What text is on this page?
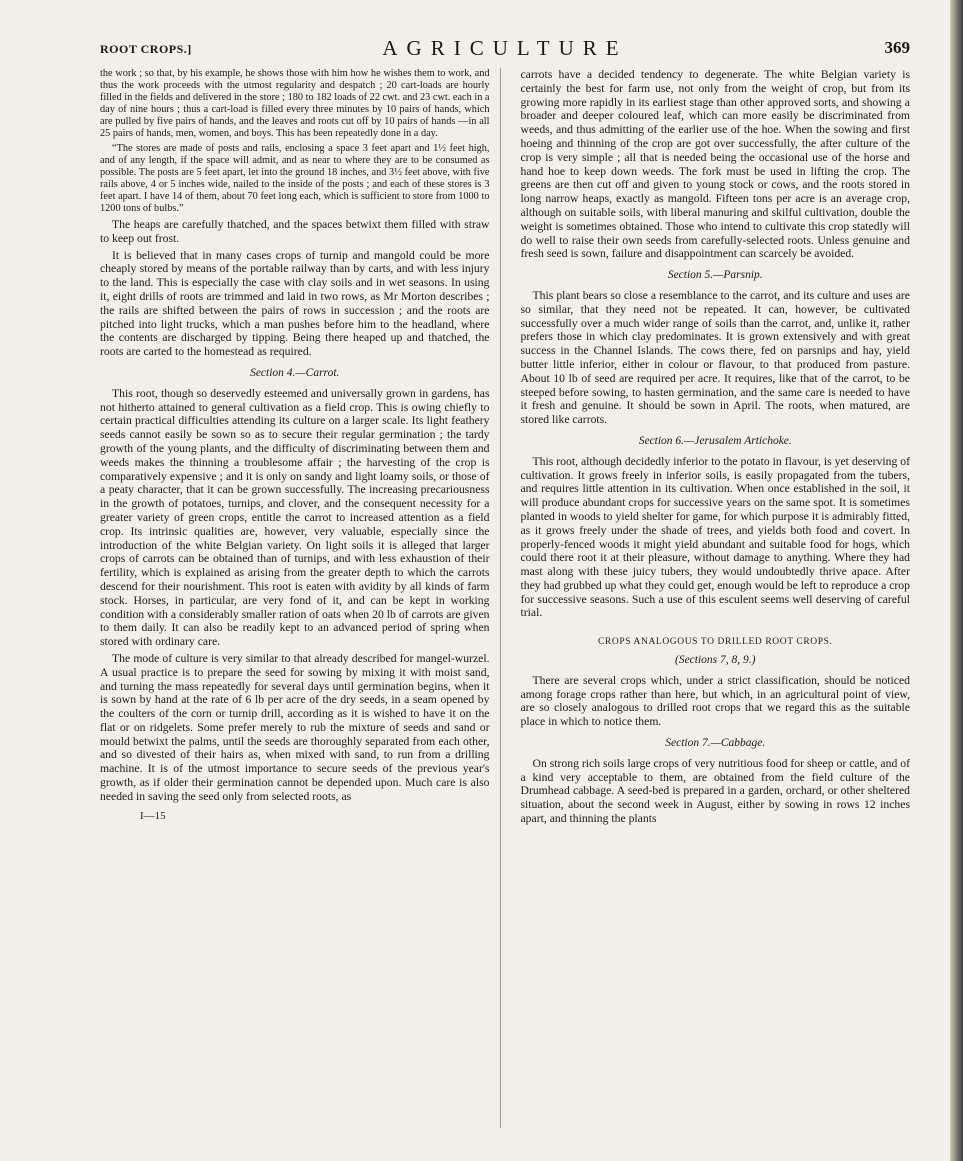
ROOT CROPS.]	AGRICULTURE	369

the work ; so that, by his example, he shows those with him how he wishes them to work, and thus the work proceeds with the utmost regularity and despatch ; 20 cart-loads are hourly filled in the fields and delivered in the store ; 180 to 182 loads of 22 cwt. and 23 cwt. each in a day of nine hours ; thus a cart-load is filled every three minutes by 10 pairs of hands, which are pulled by five pairs of hands, and the leaves and roots cut off by 10 pairs of hands —in all 25 pairs of hands, men, women, and boys. This has been repeatedly done in a day.

“The stores are made of posts and rails, enclosing a space 3 feet apart and 1½ feet high, and of any length, if the space will admit, and as near to where they are to be consumed as possible. The posts are 5 feet apart, let into the ground 18 inches, and 3½ feet above, with five rails above, 4 or 5 inches wide, nailed to the inside of the posts ; and each of these stores is 3 feet apart. I have 14 of them, about 70 feet long each, which is sufficient to store from 1000 to 1200 tons of bulbs.”

The heaps are carefully thatched, and the spaces betwixt them filled with straw to keep out frost.

It is believed that in many cases crops of turnip and mangold could be more cheaply stored by means of the portable railway than by carts, and with less injury to the land. This is especially the case with clay soils and in wet seasons. In using it, eight drills of roots are trimmed and laid in two rows, as Mr Morton describes ; the rails are shifted between the pairs of rows in succession ; and the roots are pitched into light trucks, which a man pushes before him to the headland, where the contents are discharged by tipping. Being there heaped up and thatched, the roots are carted to the homestead as required.

Section 4.—Carrot.

This root, though so deservedly esteemed and universally grown in gardens, has not hitherto attained to general cultivation as a field crop. This is owing chiefly to certain practical difficulties attending its culture on a larger scale. Its light feathery seeds cannot easily be sown so as to secure their regular germination ; the tardy growth of the young plants, and the difficulty of discriminating between them and weeds makes the thinning a troublesome affair ; the harvesting of the crop is comparatively expensive ; and it is only on sandy and light loamy soils, or those of a peaty character, that it can be grown successfully. The increasing precariousness in the growth of potatoes, turnips, and clover, and the consequent necessity for a greater variety of green crops, entitle the carrot to increased attention as a field crop. Its intrinsic qualities are, however, very valuable, especially since the introduction of the white Belgian variety. On light soils it is alleged that larger crops of carrots can be obtained than of turnips, and with less exhaustion of their fertility, which is explained as arising from the greater depth to which the carrots descend for their nourishment. This root is eaten with avidity by all kinds of farm stock. Horses, in particular, are very fond of it, and can be kept in working condition with a considerably smaller ration of oats when 20 lb of carrots are given to them daily. It can also be readily kept to an advanced period of spring when stored with ordinary care.

The mode of culture is very similar to that already described for mangel-wurzel. A usual practice is to prepare the seed for sowing by mixing it with moist sand, and turning the mass repeatedly for several days until germination begins, when it is sown by hand at the rate of 6 lb per acre of the dry seeds, in a seam opened by the coulters of the corn or turnip drill, according as it is wished to have it on the flat or on ridgelets. Some prefer merely to rub the mixture of seeds and sand or mould betwixt the palms, until the seeds are thoroughly separated from each other, and so divested of their hairs as, when mixed with sand, to run from a drilling machine. It is of the utmost importance to secure seeds of the previous year's growth, as if older their germination cannot be depended upon. Much care is also needed in saving the seed only from selected roots, as

I—15

carrots have a decided tendency to degenerate. The white Belgian variety is certainly the best for farm use, not only from the weight of crop, but from its growing more rapidly in its earliest stage than other approved sorts, and showing a broader and deeper coloured leaf, which can more easily be discriminated from weeds, and thus admitting of the earlier use of the hoe. When the sowing and first hoeing and thinning of the crop are got over successfully, the after culture of the crop is very simple ; all that is needed being the occasional use of the horse and hand hoe to keep down weeds. The fork must be used in lifting the crop. The greens are then cut off and given to young stock or cows, and the roots stored in long narrow heaps, exactly as mangold. Fifteen tons per acre is an average crop, although on suitable soils, with liberal manuring and skilful cultivation, double the weight is sometimes obtained. Those who intend to cultivate this crop statedly will do well to raise their own seeds from carefully-selected roots. Unless genuine and fresh seed is sown, failure and disappointment can scarcely be avoided.

Section 5.—Parsnip.

This plant bears so close a resemblance to the carrot, and its culture and uses are so similar, that they need not be repeated. It can, however, be cultivated successfully over a much wider range of soils than the carrot, and, unlike it, rather prefers those in which clay predominates. It is grown extensively and with great success in the Channel Islands. The cows there, fed on parsnips and hay, yield butter little inferior, either in colour or flavour, to that produced from pasture. About 10 lb of seed are required per acre. It requires, like that of the carrot, to be steeped before sowing, to hasten germination, and the same care is needed to have it fresh and genuine. It should be sown in April. The roots, when matured, are stored like carrots.

Section 6.—Jerusalem Artichoke.

This root, although decidedly inferior to the potato in flavour, is yet deserving of cultivation. It grows freely in inferior soils, is easily propagated from the tubers, and requires little attention in its cultivation. When once established in the soil, it will produce abundant crops for successive years on the same spot. It is sometimes planted in woods to yield shelter for game, for which purpose it is admirably fitted, as it grows freely under the shade of trees, and yields both food and covert. In properly-fenced woods it might yield abundant and suitable food for hogs, which could there root it at their pleasure, without damage to anything. Where they had mast along with these juicy tubers, they would undoubtedly thrive apace. After they had grubbed up what they could get, enough would be left to reproduce a crop for successive seasons. Such a use of this esculent seems well deserving of careful trial.

CROPS ANALOGOUS TO DRILLED ROOT CROPS.
(Sections 7, 8, 9.)

There are several crops which, under a strict classification, should be noticed among forage crops rather than here, but which, in an agricultural point of view, are so closely analogous to drilled root crops that we regard this as the suitable place in which to notice them.

Section 7.—Cabbage.

On strong rich soils large crops of very nutritious food for sheep or cattle, and of a kind very acceptable to them, are obtained from the field culture of the Drumhead cabbage. A seed-bed is prepared in a garden, orchard, or other sheltered situation, about the second week in August, either by sowing in rows 12 inches apart, and thinning the plants
